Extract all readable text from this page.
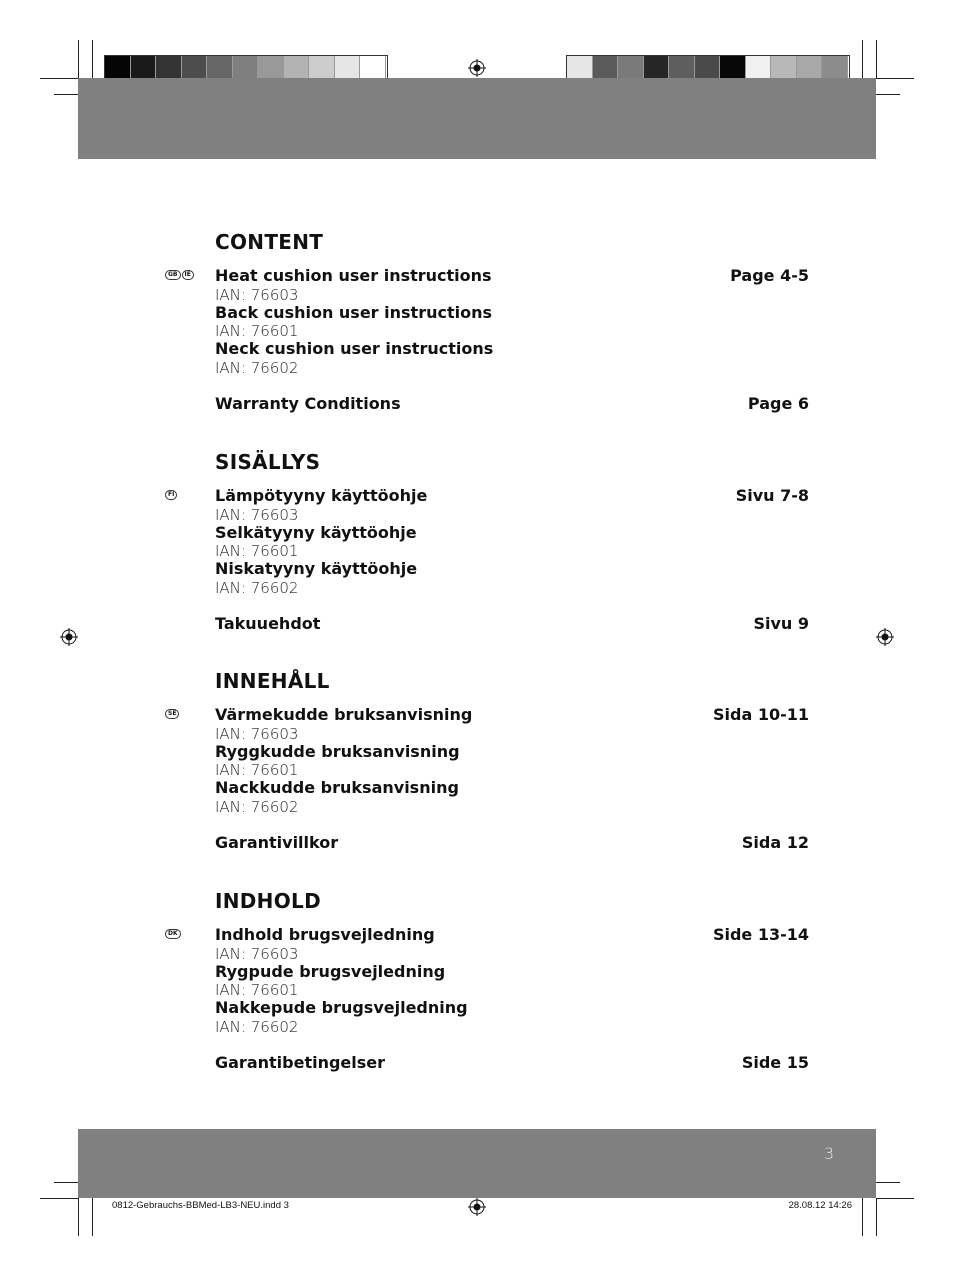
3
0812-Gebrauchs-BBMed-LB3-NEU.indd 3	28.08.12 14:26
CONTENT
GB	IE Heat cushion user instructions	Page 4-5
IAN: 76603
Back cushion user instructions
IAN: 76601
Neck cushion user instructions
IAN: 76602
Warranty Conditions	Page 6
SISÄLLYS
FI	Lämpötyyny käyttöohje	Sivu 7-8
IAN: 76603
Selkätyyny käyttöohje
IAN: 76601
Niskatyyny käyttöohje
IAN: 76602
Takuuehdot	Sivu 9
INNEHÅLL
SE Värmekudde bruksanvisning	Sida 10-11
IAN: 76603
Ryggkudde bruksanvisning
IAN: 76601
Nackkudde bruksanvisning
IAN: 76602
Garantivillkor	Sida 12
INDHOLD
DK Indhold brugsvejledning	Side 13-14
IAN: 76603
Rygpude brugsvejledning
IAN: 76601
Nakkepude brugsvejledning
IAN: 76602
Garantibetingelser	Side 15
